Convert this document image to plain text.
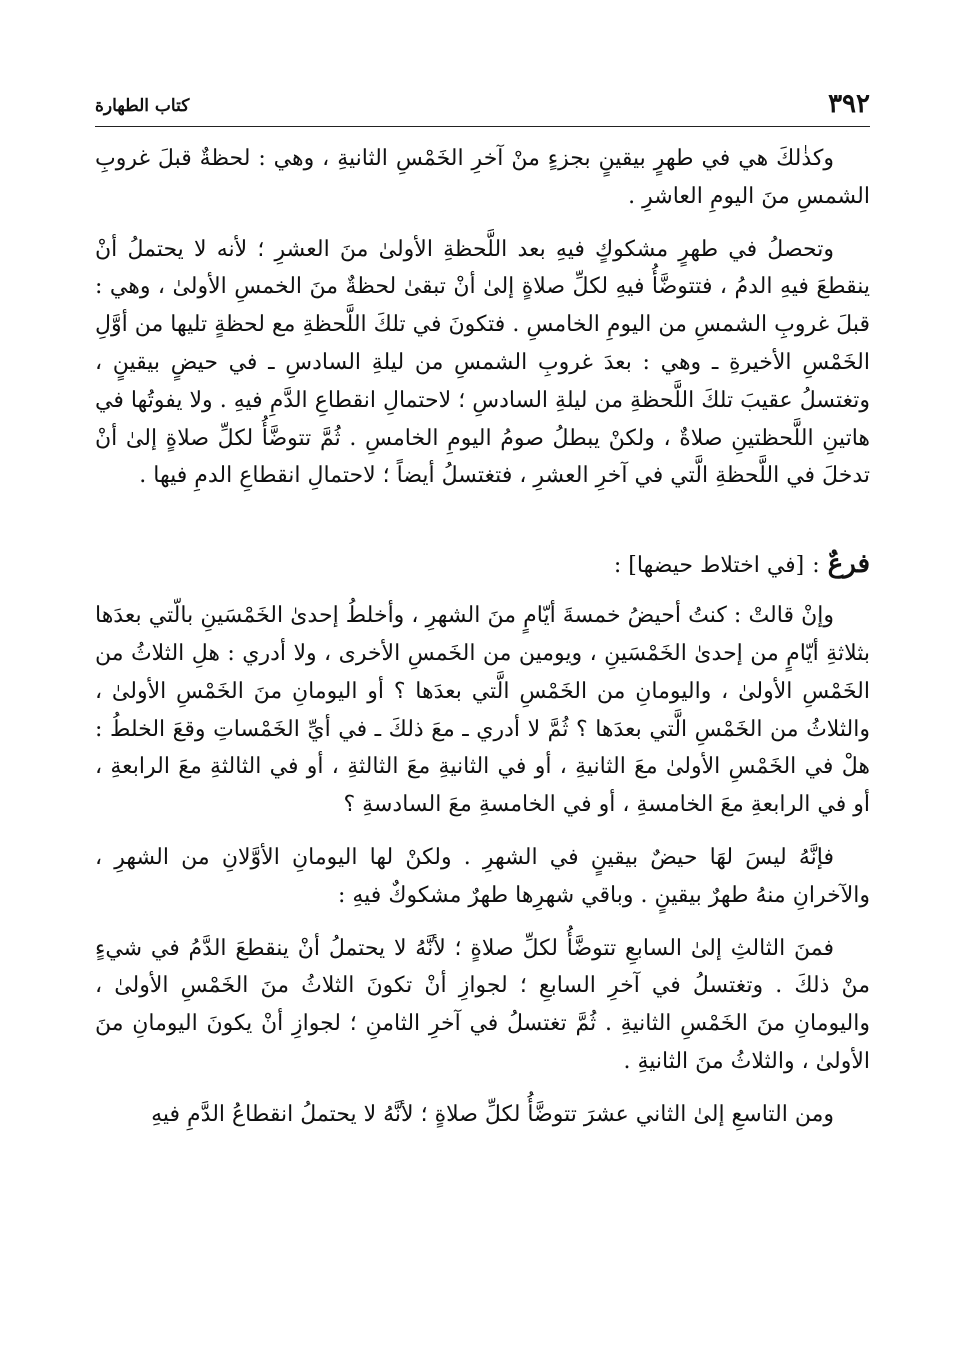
٣٩٢
كتاب الطهارة

وكذٰلكَ هي في طهرٍ بيقينٍ بجزءٍ منْ آخرِ الخَمْسِ الثانيةِ ، وهي : لحظةٌ قبلَ غروبِ الشمسِ منَ اليومِ العاشرِ .

وتحصلُ في طهرٍ مشكوكٍ فيهِ بعد اللَّحظةِ الأولىٰ منَ العشرِ ؛ لأنه لا يحتملُ أنْ ينقطعَ فيهِ الدمُ ، فتتوضَّأُ فيهِ لكلِّ صلاةٍ إلىٰ أنْ تبقىٰ لحظةٌ منَ الخمسِ الأولىٰ ، وهي : قبلَ غروبِ الشمسِ من اليومِ الخامسِ . فتكونَ في تلكَ اللَّحظةِ مع لحظةٍ تليها من أوَّلِ الخَمْسِ الأخيرةِ ـ وهي : بعدَ غروبِ الشمسِ من ليلةِ السادسِ ـ في حيضٍ بيقينٍ ، وتغتسلُ عقيبَ تلكَ اللَّحظةِ من ليلةِ السادسِ ؛ لاحتمالِ انقطاعِ الدَّمِ فيهِ . ولا يفوتُها في هاتينِ اللَّحظتينِ صلاةٌ ، ولكنْ يبطلُ صومُ اليومِ الخامسِ . ثُمَّ تتوضَّأُ لكلِّ صلاةٍ إلىٰ أنْ تدخلَ في اللَّحظةِ الَّتي في آخرِ العشرِ ، فتغتسلُ أيضاً ؛ لاحتمالِ انقطاعِ الدمِ فيها .

فرعٌ:[في اختلاط حيضها] :

وإنْ قالتْ : كنتُ أحيضُ خمسةَ أيّامٍ منَ الشهرِ ، وأخلطُ إحدىٰ الخَمْسَينِ بالّتي بعدَها بثلاثةِ أيّامٍ من إحدىٰ الخَمْسَينِ ، ويومين من الخَمسِ الأخرى ، ولا أدري : هلِ الثلاثُ من الخَمْسِ الأولىٰ ، واليومانِ من الخَمْسِ الَّتي بعدَها ؟ أو اليومانِ منَ الخَمْسِ الأولىٰ ، والثلاثُ من الخَمْسِ الَّتي بعدَها ؟ ثُمَّ لا أدري ـ معَ ذلكَ ـ في أيِّ الخَمْساتِ وقعَ الخلطُ : هلْ في الخَمْسِ الأولىٰ معَ الثانيةِ ، أو في الثانيةِ معَ الثالثةِ ، أو في الثالثةِ معَ الرابعةِ ، أو في الرابعةِ معَ الخامسةِ ، أو في الخامسةِ معَ السادسةِ ؟

فإنَّهُ ليسَ لهَا حيضٌ بيقينٍ في الشهرِ . ولكنْ لها اليومانِ الأوَّلانِ من الشهرِ ، والآخرانِ منهُ طهرٌ بيقينٍ . وباقي شهرِها طهرٌ مشكوكٌ فيهِ :

فمنَ الثالثِ إلىٰ السابعِ تتوضَّأُ لكلِّ صلاةٍ ؛ لأنَّهُ لا يحتملُ أنْ ينقطعَ الدَّمُ في شيءٍ منْ ذلكَ . وتغتسلُ في آخرِ السابعِ ؛ لجوازِ أنْ تكونَ الثلاثُ منَ الخَمْسِ الأولىٰ ، واليومانِ منَ الخَمْسِ الثانيةِ . ثُمَّ تغتسلُ في آخرِ الثامنِ ؛ لجوازِ أنْ يكونَ اليومانِ منَ الأولىٰ ، والثلاثُ منَ الثانيةِ .

ومن التاسعِ إلىٰ الثاني عشرَ تتوضَّأُ لكلِّ صلاةٍ ؛ لأنَّهُ لا يحتملُ انقطاعُ الدَّمِ فيهِ
